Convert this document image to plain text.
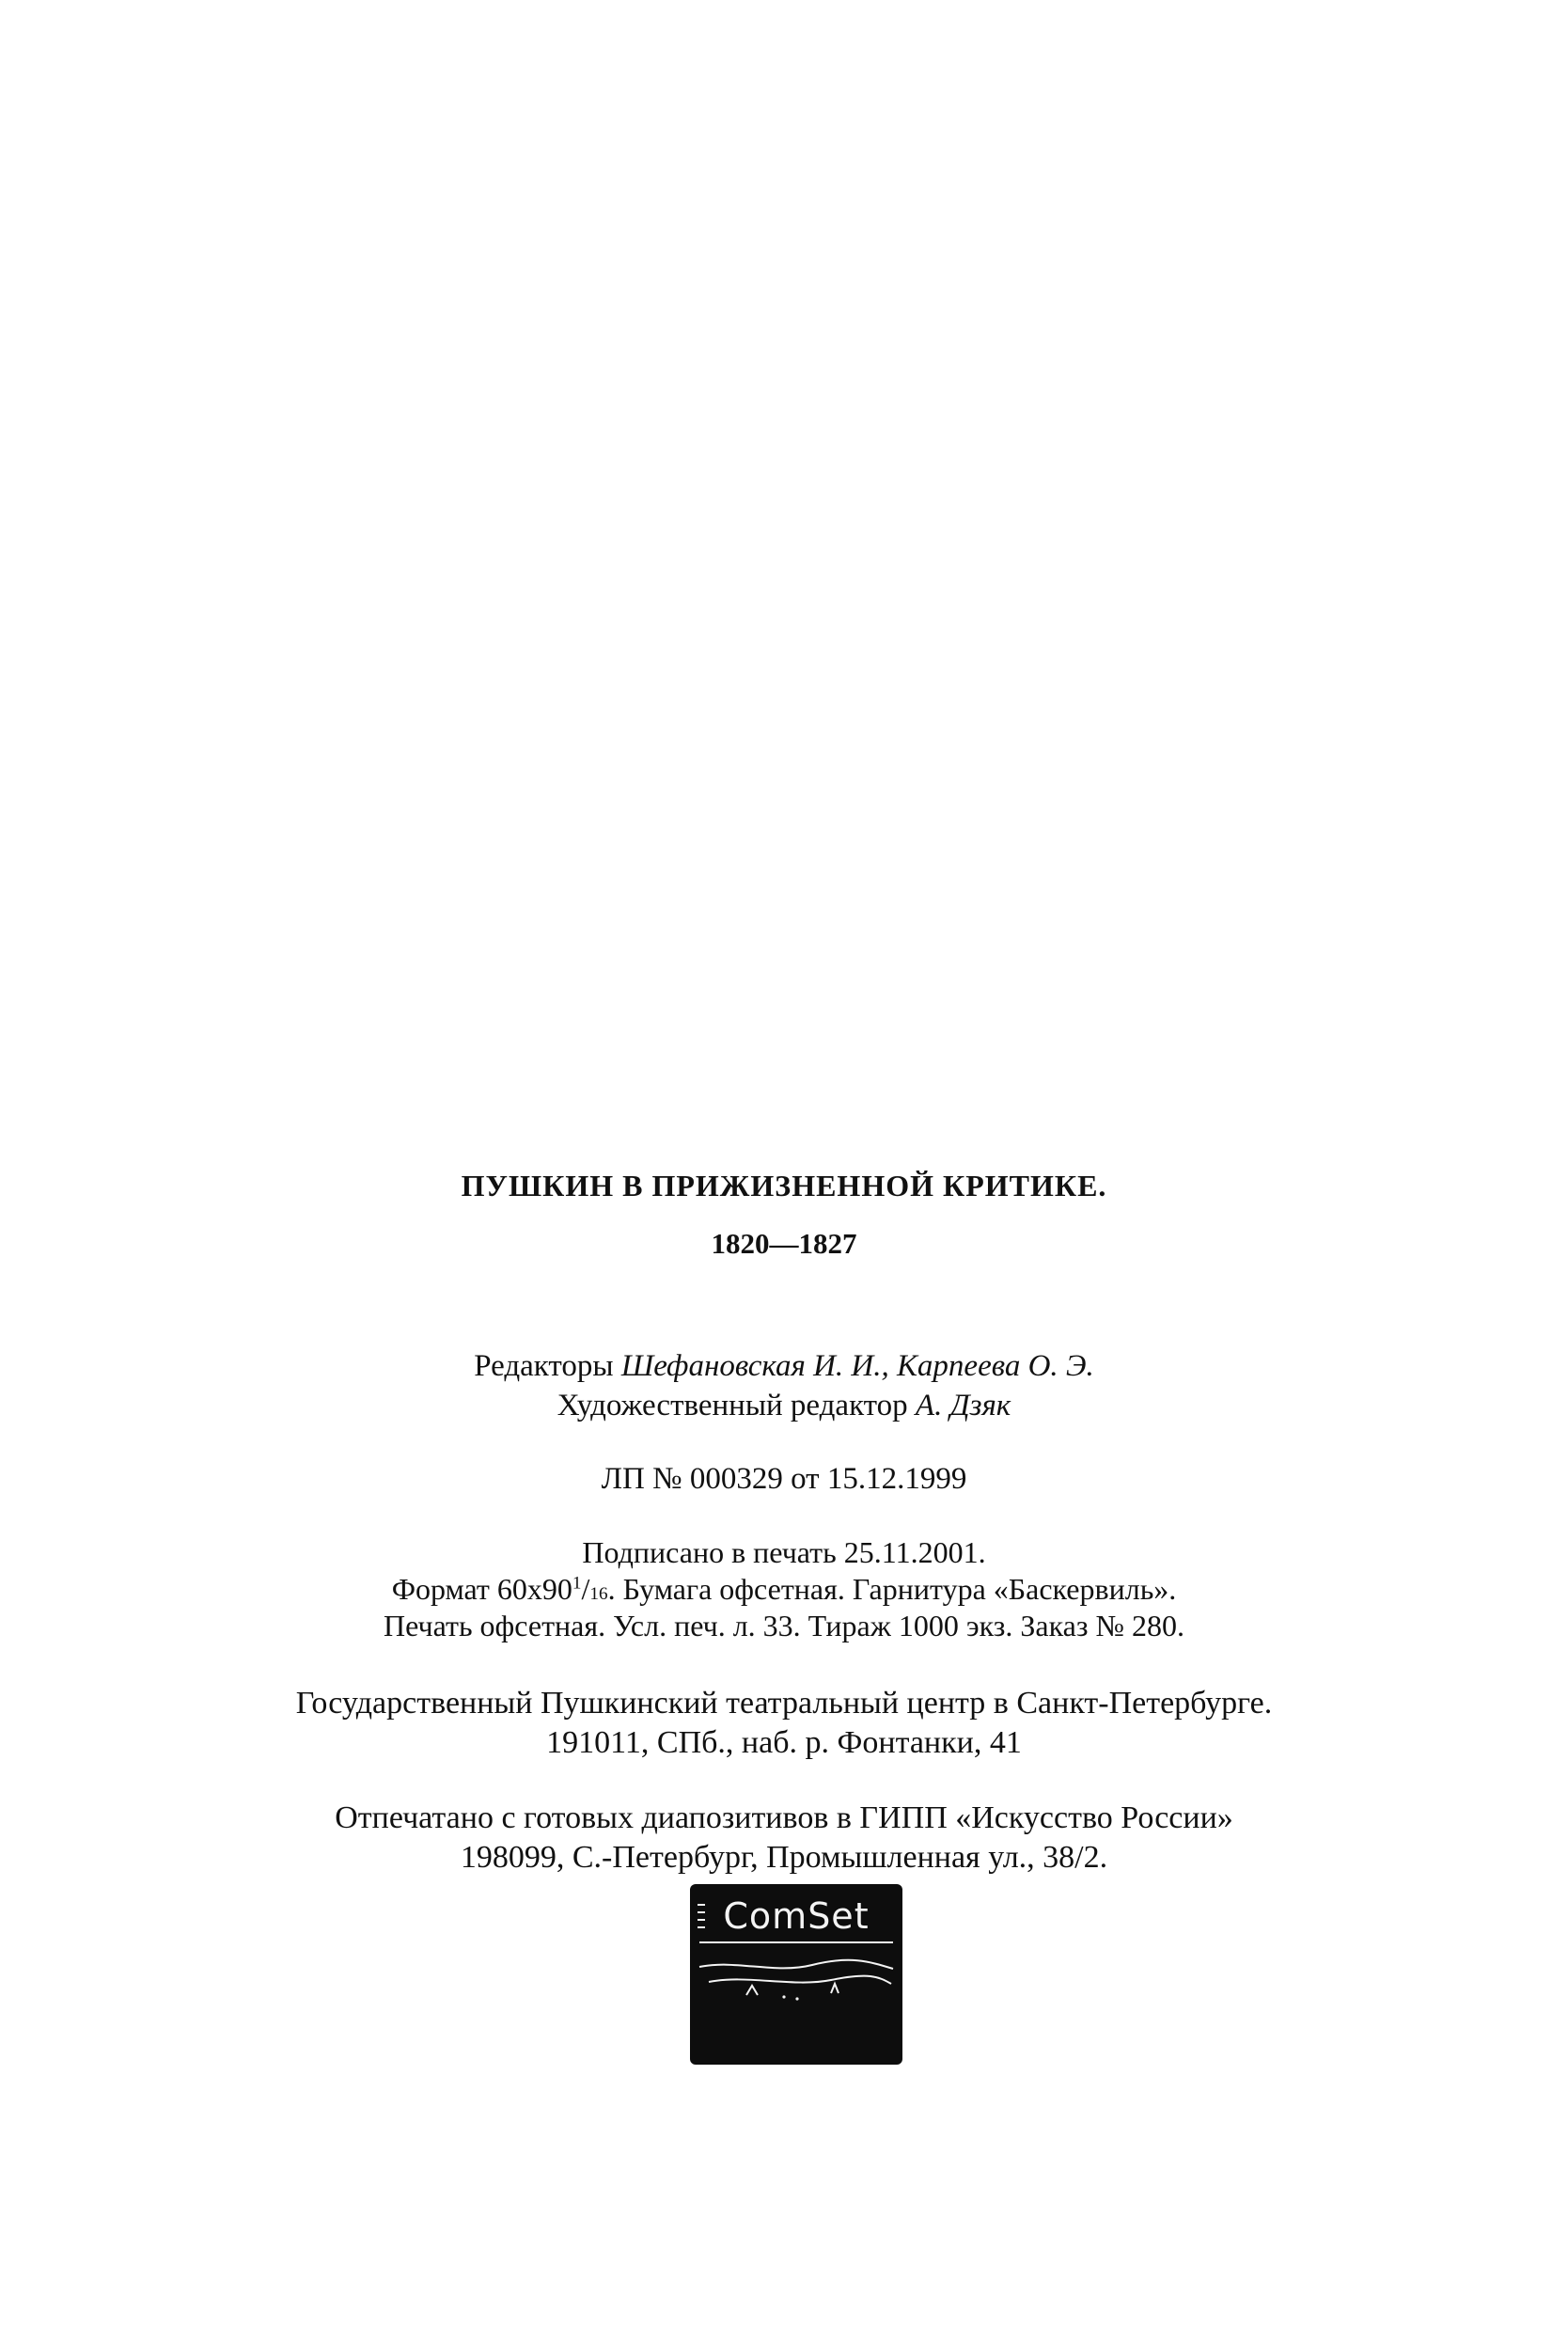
ПУШКИН В ПРИЖИЗНЕННОЙ КРИТИКЕ.
1820—1827
Редакторы Шефановская И. И., Карпеева О. Э.
Художественный редактор А. Дзяк
ЛП № 000329 от 15.12.1999
Подписано в печать 25.11.2001.
Формат $60х90^1/16$. Бумага офсетная. Гарнитура «Баскервиль».
Печать офсетная. Усл. печ. л. 33. Тираж 1000 экз. Заказ № 280.
Государственный Пушкинский театральный центр в Санкт-Петербурге.
191011, СПб., наб. р. Фонтанки, 41
Отпечатано с готовых диапозитивов в ГИПП «Искусство России»
198099, С.-Петербург, Промышленная ул., 38/2.
ComSet
